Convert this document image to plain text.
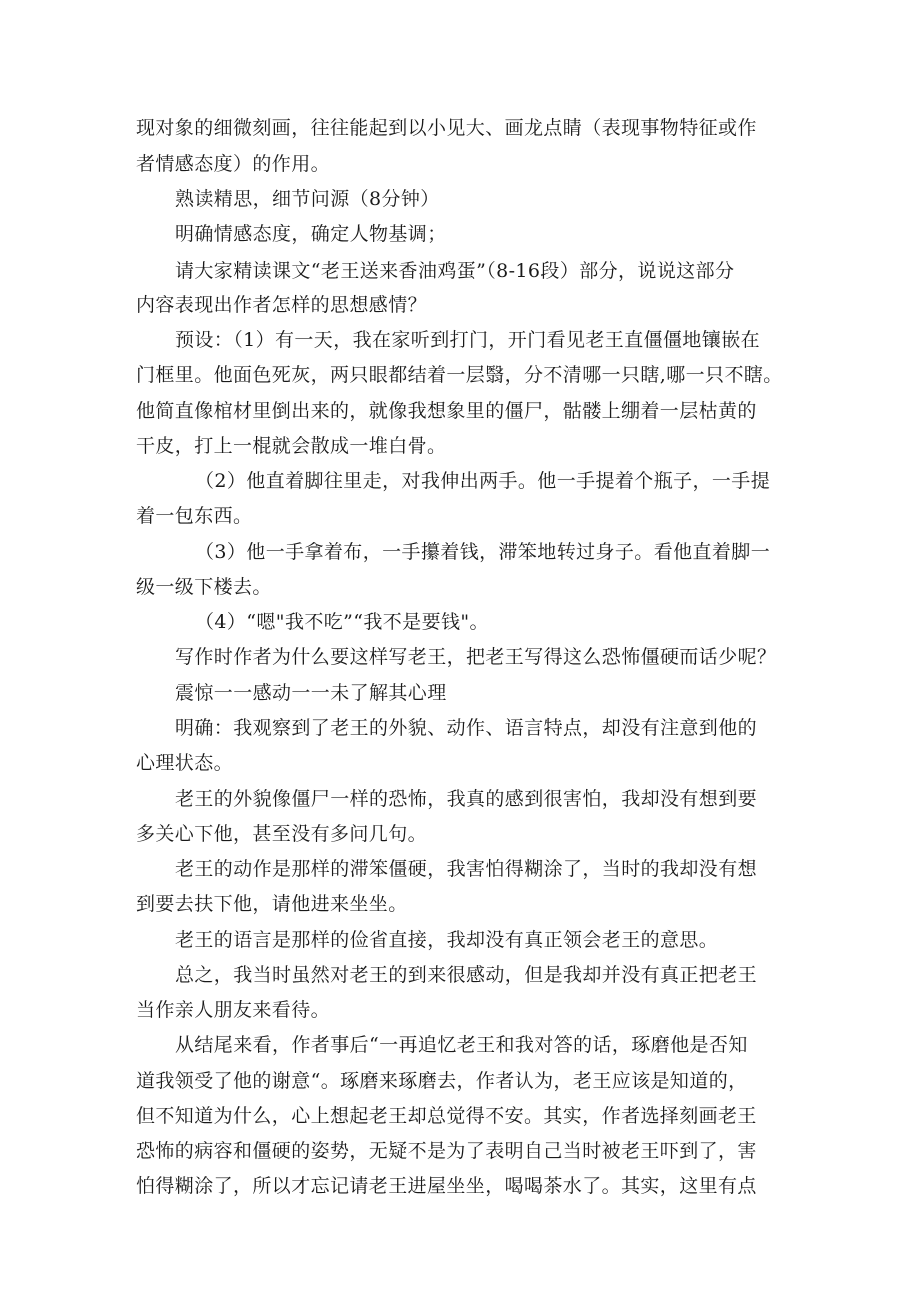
现对象的细微刻画，往往能起到以小见大、画龙点睛（表现事物特征或作
者情感态度）的作用。
熟读精思，细节问源（8分钟）
明确情感态度，确定人物基调；
请大家精读课文“老王送来香油鸡蛋”（8-16段）部分，说说这部分
内容表现出作者怎样的思想感情？
预设：（1）有一天，我在家听到打门，开门看见老王直僵僵地镶嵌在
门框里。他面色死灰，两只眼都结着一层翳，分不清哪一只瞎,哪一只不瞎。
他简直像棺材里倒出来的，就像我想象里的僵尸，骷髅上绷着一层枯黄的
干皮，打上一棍就会散成一堆白骨。
（2）他直着脚往里走，对我伸出两手。他一手提着个瓶子，一手提
着一包东西。
（3）他一手拿着布，一手攥着钱，滞笨地转过身子。看他直着脚一
级一级下楼去。
（4）“嗯"我不吃”“我不是要钱"。
写作时作者为什么要这样写老王，把老王写得这么恐怖僵硬而话少呢？
震惊一一感动一一未了解其心理
明确：我观察到了老王的外貌、动作、语言特点，却没有注意到他的
心理状态。
老王的外貌像僵尸一样的恐怖，我真的感到很害怕，我却没有想到要
多关心下他，甚至没有多问几句。
老王的动作是那样的滞笨僵硬，我害怕得糊涂了，当时的我却没有想
到要去扶下他，请他进来坐坐。
老王的语言是那样的俭省直接，我却没有真正领会老王的意思。
总之，我当时虽然对老王的到来很感动，但是我却并没有真正把老王
当作亲人朋友来看待。
从结尾来看，作者事后“一再追忆老王和我对答的话，琢磨他是否知
道我领受了他的谢意“。琢磨来琢磨去，作者认为，老王应该是知道的，
但不知道为什么，心上想起老王却总觉得不安。其实，作者选择刻画老王
恐怖的病容和僵硬的姿势，无疑不是为了表明自己当时被老王吓到了，害
怕得糊涂了，所以才忘记请老王进屋坐坐，喝喝茶水了。其实，这里有点
